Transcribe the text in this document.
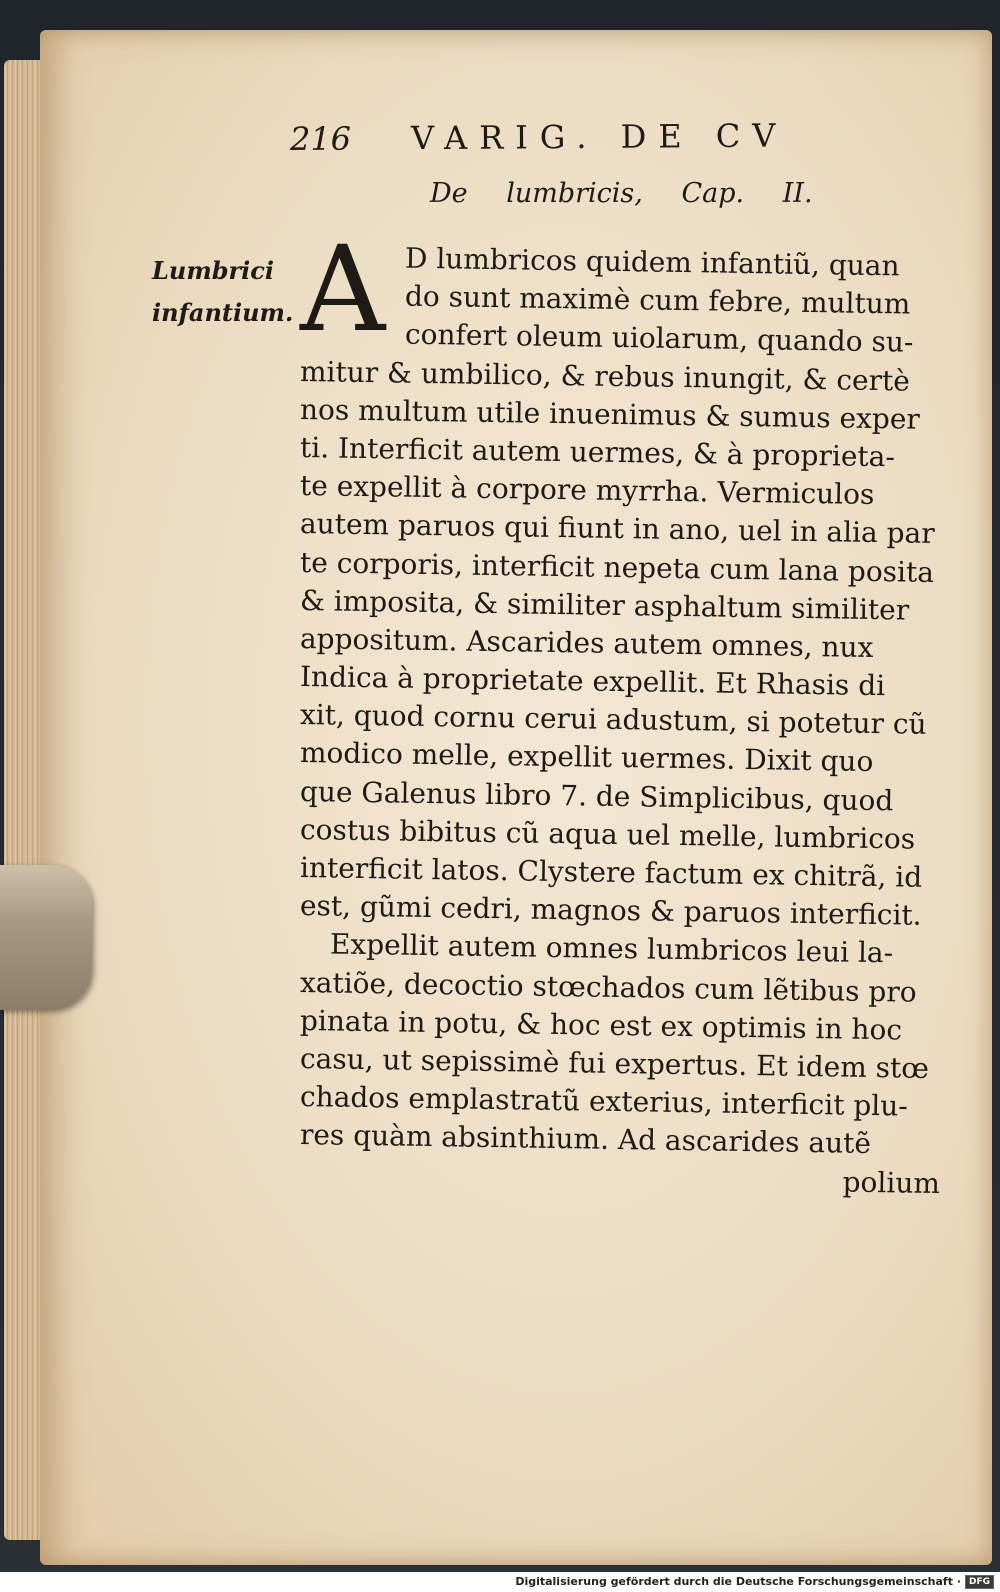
216 VARIG. DE CV
De lumbricis, Cap. II.
Lumbrici
infantium. A D lumbricos quidem infantiũ, quan
do sunt maximè cum febre, multum
confert oleum uiolarum, quando su-
mitur & umbilico, & rebus inungit, & certè
nos multum utile inuenimus & sumus exper
ti. Interficit autem uermes, & à proprieta-
te expellit à corpore myrrha. Vermiculos
autem paruos qui fiunt in ano, uel in alia par
te corporis, interficit nepeta cum lana posita
& imposita, & similiter asphaltum similiter
appositum. Ascarides autem omnes, nux
Indica à proprietate expellit. Et Rhasis di
xit, quod cornu cerui adustum, si potetur cũ
modico melle, expellit uermes. Dixit quo
que Galenus libro 7. de Simplicibus, quod
costus bibitus cũ aqua uel melle, lumbricos
interficit latos. Clystere factum ex chitrã, id
est, gũmi cedri, magnos & paruos interficit.
Expellit autem omnes lumbricos leui la-
xatiõe, decoctio stœchados cum lẽtibus pro
pinata in potu, & hoc est ex optimis in hoc
casu, ut sepissimè fui expertus. Et idem stœ
chados emplastratũ exterius, interficit plu-
res quàm absinthium. Ad ascarides autẽ
polium
Digitalisierung gefördert durch die Deutsche Forschungsgemeinschaft · DFG
